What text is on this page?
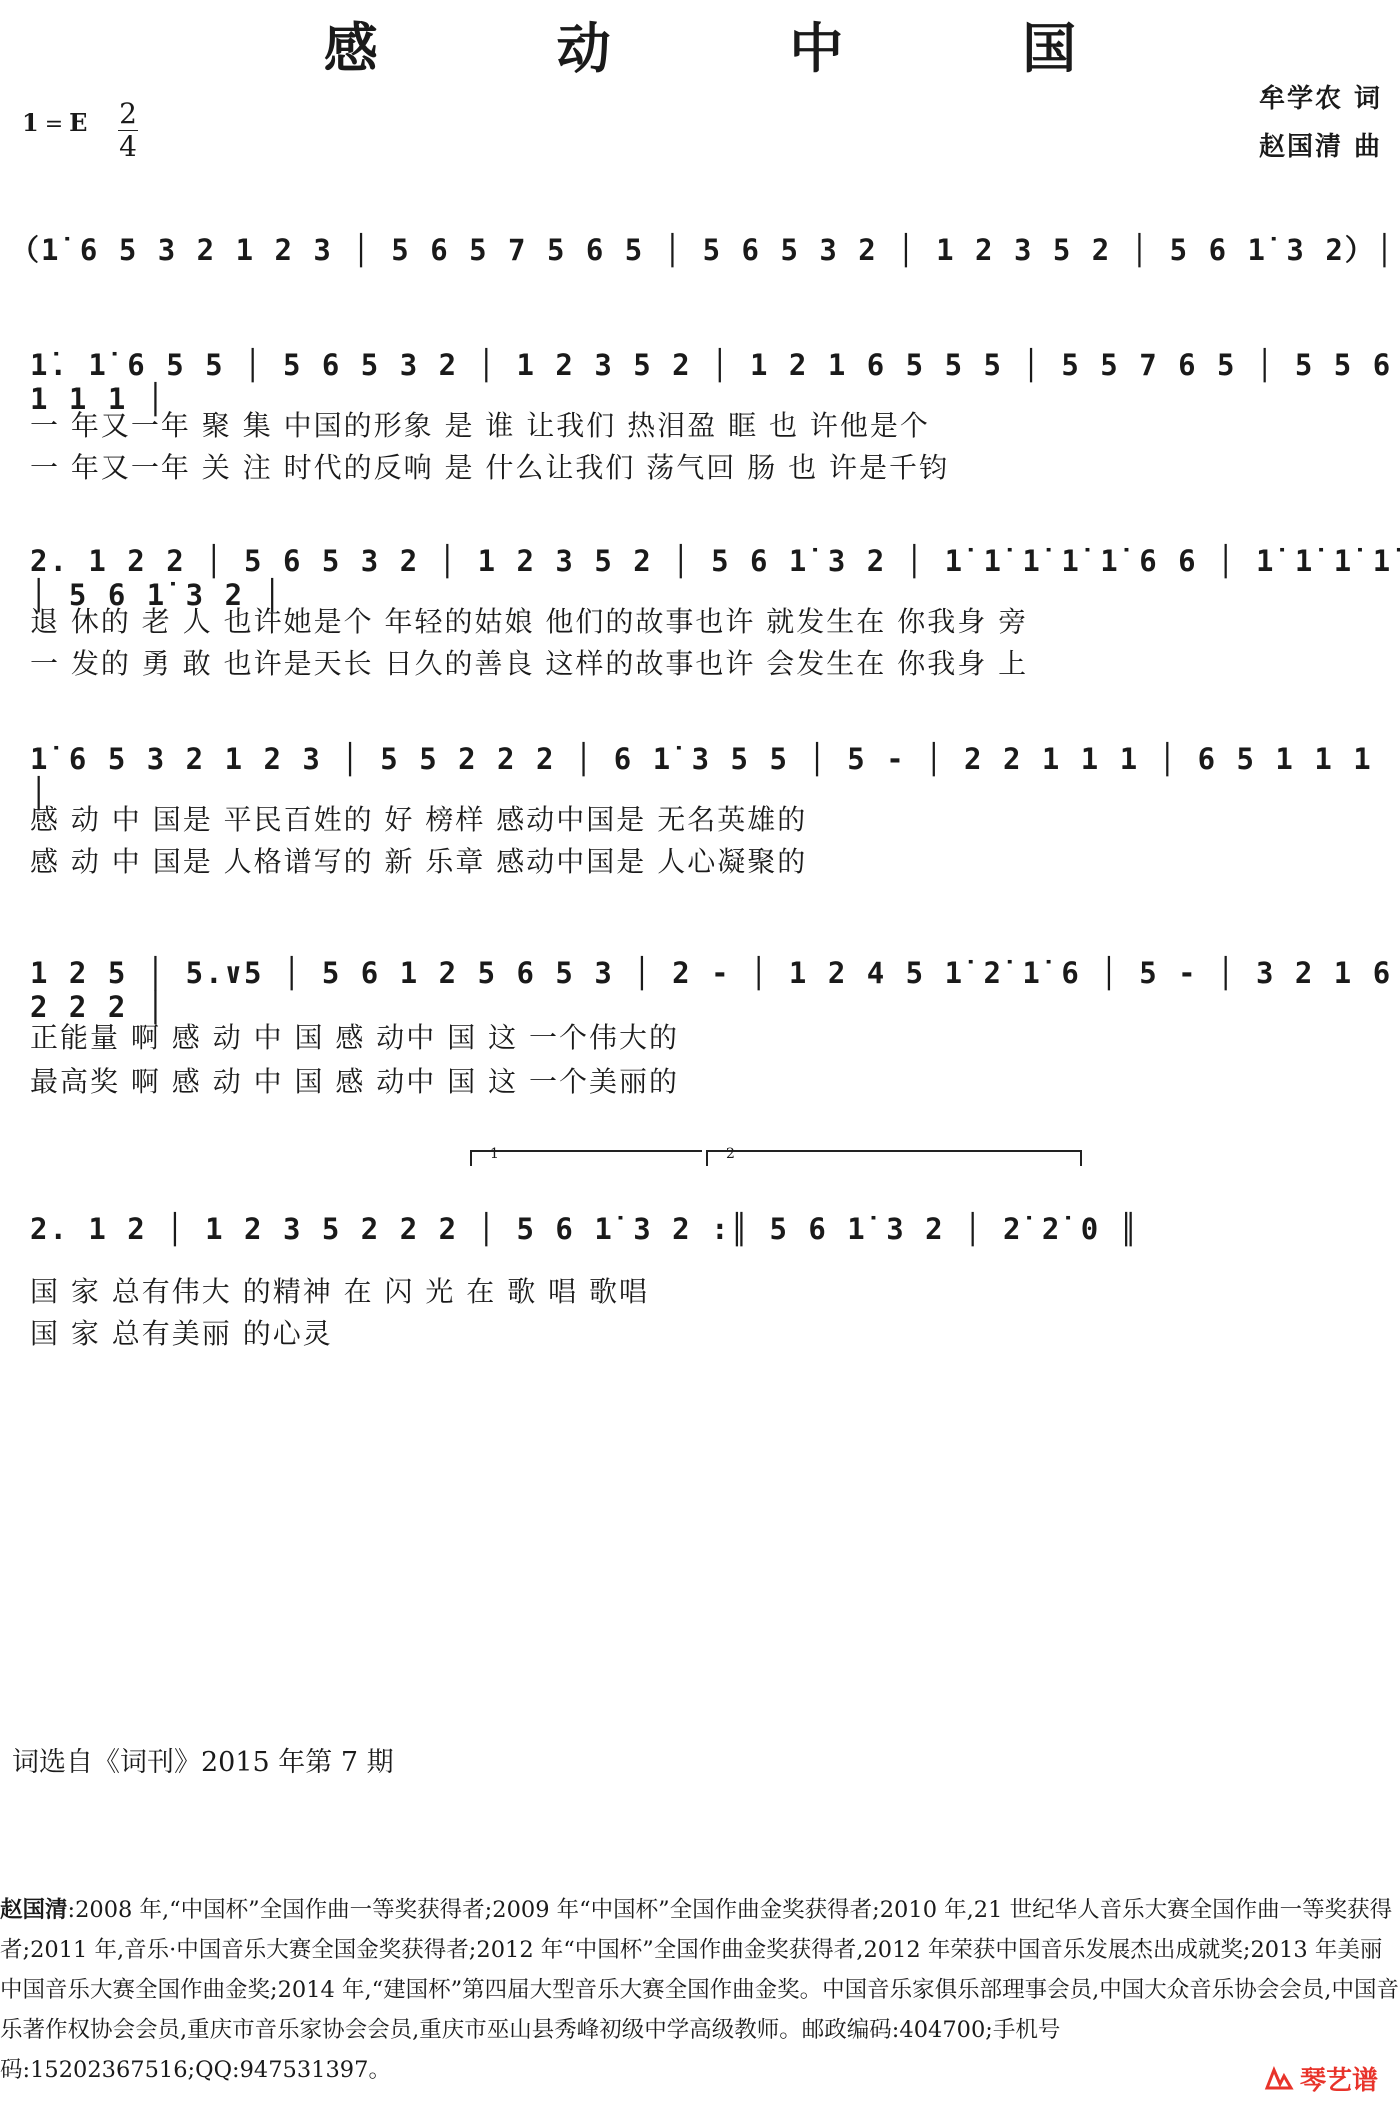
感 动 中 国
1 = E 2
4
牟学农 词
赵国清 曲
（1̇ 6 5 3 2 1 2 3 │ 5 6 5 7 5 6 5 │ 5 6 5 3 2 │ 1 2 3 5 2 │ 5 6 1̇ 3 2）│
1̇. 1̇ 6 5 5 │ 5 6 5 3 2 │ 1 2 3 5 2 │ 1 2 1 6 5 5 5 │ 5 5 7 6 5 │ 5 5 6 1 1 1 │
一 年又一年 聚 集 中国的形象 是 谁 让我们 热泪盈 眶 也 许他是个
一 年又一年 关 注 时代的反响 是 什么让我们 荡气回 肠 也 许是千钧
2. 1 2 2 │ 5 6 5 3 2 │ 1 2 3 5 2 │ 5 6 1̇ 3 2 │ 1̇ 1̇ 1̇ 1̇ 1̇ 6 6 │ 1̇ 1̇ 1̇ 1̇ │ 5 6 1̇ 3 2 │
退 休的 老 人 也许她是个 年轻的姑娘 他们的故事也许 就发生在 你我身 旁
一 发的 勇 敢 也许是天长 日久的善良 这样的故事也许 会发生在 你我身 上
1̇ 6 5 3 2 1 2 3 │ 5 5 2 2 2 │ 6 1̇ 3 5 5 │ 5 - │ 2 2 1 1 1 │ 6 5 1 1 1 │
感 动 中 国是 平民百姓的 好 榜样 感动中国是 无名英雄的
感 动 中 国是 人格谱写的 新 乐章 感动中国是 人心凝聚的
1 2 5 │ 5.∨5 │ 5 6 1 2 5 6 5 3 │ 2 - │ 1 2 4 5 1̇ 2̇ 1̇ 6 │ 5 - │ 3 2 1 6 2 2 2 │
正能量 啊 感 动 中 国 感 动中 国 这 一个伟大的
最高奖 啊 感 动 中 国 感 动中 国 这 一个美丽的
1	2
2. 1 2 │ 1 2 3 5 2 2 2 │ 5 6 1̇ 3 2 :║ 5 6 1̇ 3 2 │ 2̇ 2̇ 0 ║
国 家 总有伟大 的精神 在 闪 光 在 歌 唱 歌唱
国 家 总有美丽 的心灵
词选自《词刊》2015 年第 7 期
赵国清:2008 年,“中国杯”全国作曲一等奖获得者;2009 年“中国杯”全国作曲金奖获得者;2010 年,21 世纪华人音乐大赛全国作曲一等奖获得者;2011 年,音乐·中国音乐大赛全国金奖获得者;2012 年“中国杯”全国作曲金奖获得者,2012 年荣获中国音乐发展杰出成就奖;2013 年美丽中国音乐大赛全国作曲金奖;2014 年,“建国杯”第四届大型音乐大赛全国作曲金奖。中国音乐家俱乐部理事会员,中国大众音乐协会会员,中国音乐著作权协会会员,重庆市音乐家协会会员,重庆市巫山县秀峰初级中学高级教师。邮政编码:404700;手机号码:15202367516;QQ:947531397。	琴艺谱
